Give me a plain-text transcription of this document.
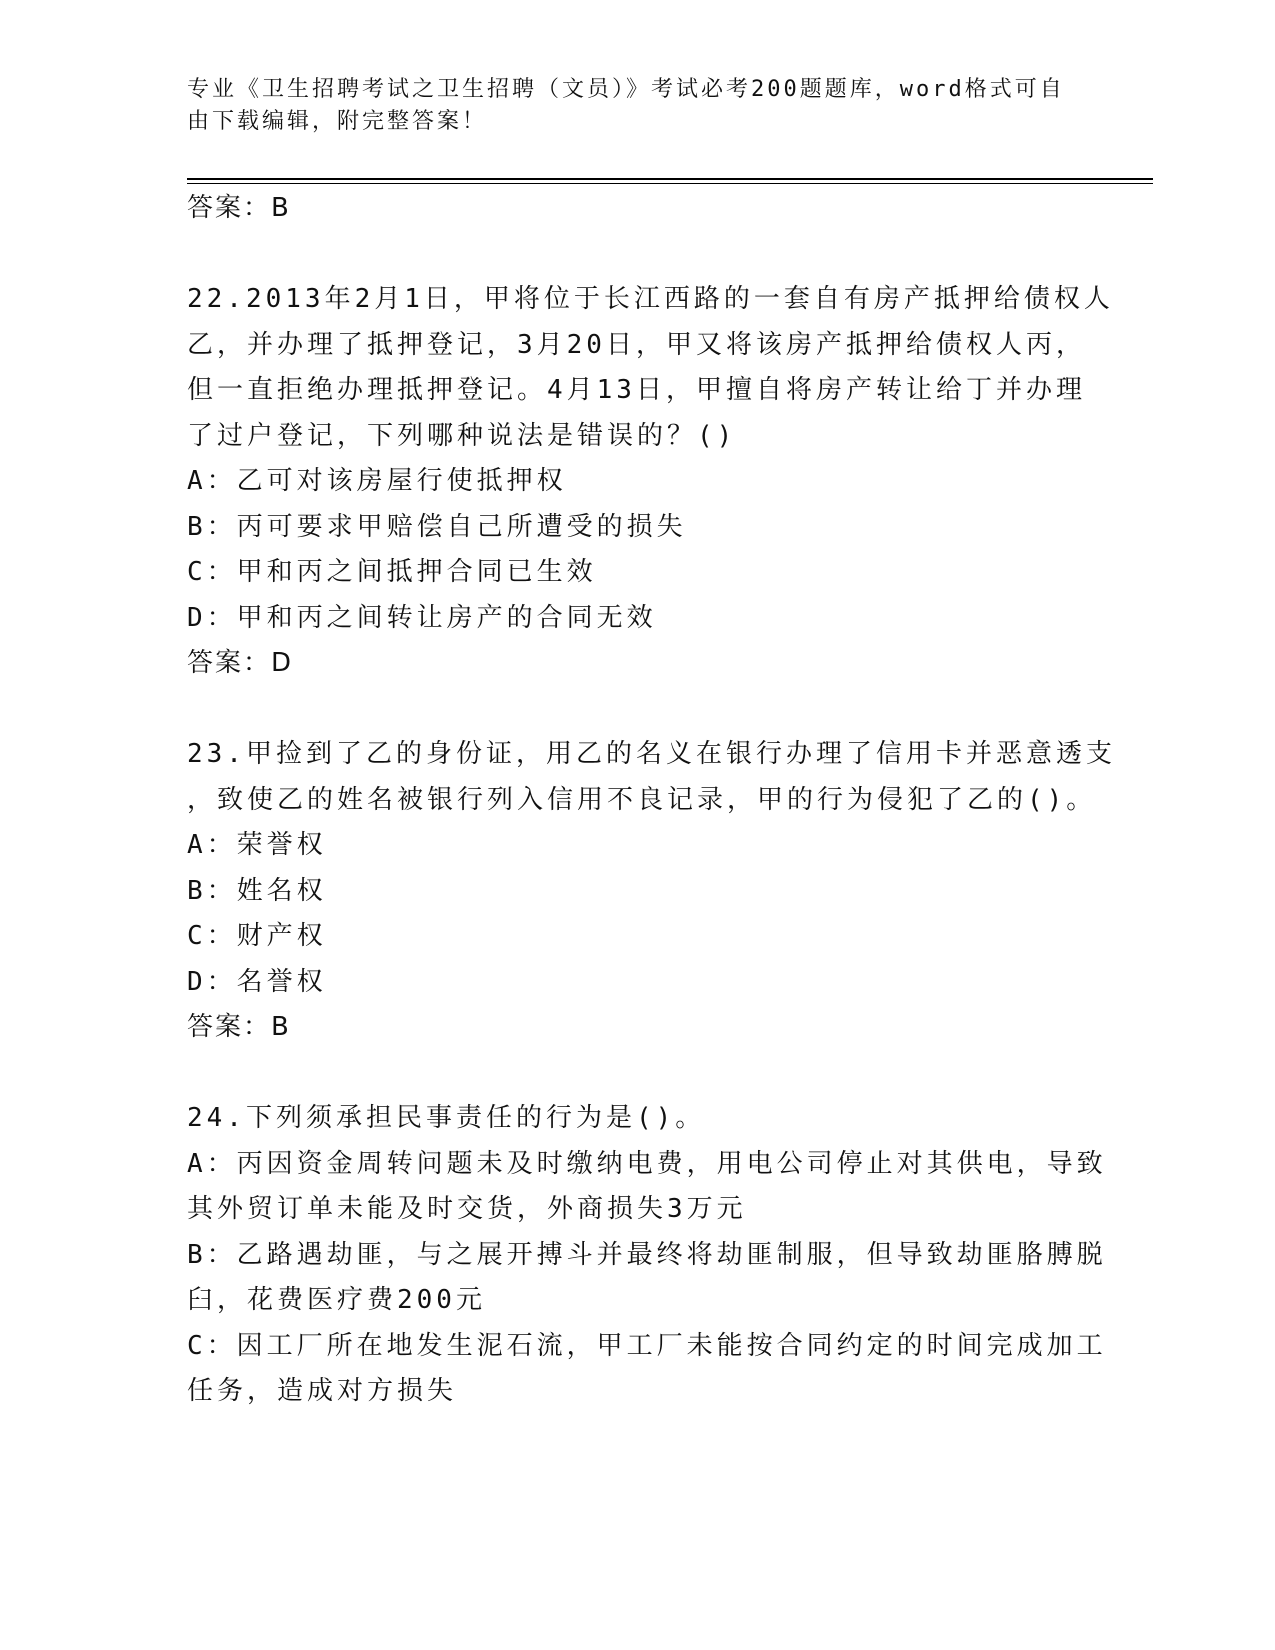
专业《卫生招聘考试之卫生招聘（文员）》考试必考200题题库，word格式可自
由下载编辑，附完整答案！
答案：B
22.2013年2月1日，甲将位于长江西路的一套自有房产抵押给债权人
乙，并办理了抵押登记，3月20日，甲又将该房产抵押给债权人丙，
但一直拒绝办理抵押登记。4月13日，甲擅自将房产转让给丁并办理
了过户登记，下列哪种说法是错误的？()
A：乙可对该房屋行使抵押权
B：丙可要求甲赔偿自己所遭受的损失
C：甲和丙之间抵押合同已生效
D：甲和丙之间转让房产的合同无效
答案：D
23.甲捡到了乙的身份证，用乙的名义在银行办理了信用卡并恶意透支
，致使乙的姓名被银行列入信用不良记录，甲的行为侵犯了乙的()。
A：荣誉权
B：姓名权
C：财产权
D：名誉权
答案：B
24.下列须承担民事责任的行为是()。
A：丙因资金周转问题未及时缴纳电费，用电公司停止对其供电，导致
其外贸订单未能及时交货，外商损失3万元
B：乙路遇劫匪，与之展开搏斗并最终将劫匪制服，但导致劫匪胳膊脱
臼，花费医疗费200元
C：因工厂所在地发生泥石流，甲工厂未能按合同约定的时间完成加工
任务，造成对方损失
